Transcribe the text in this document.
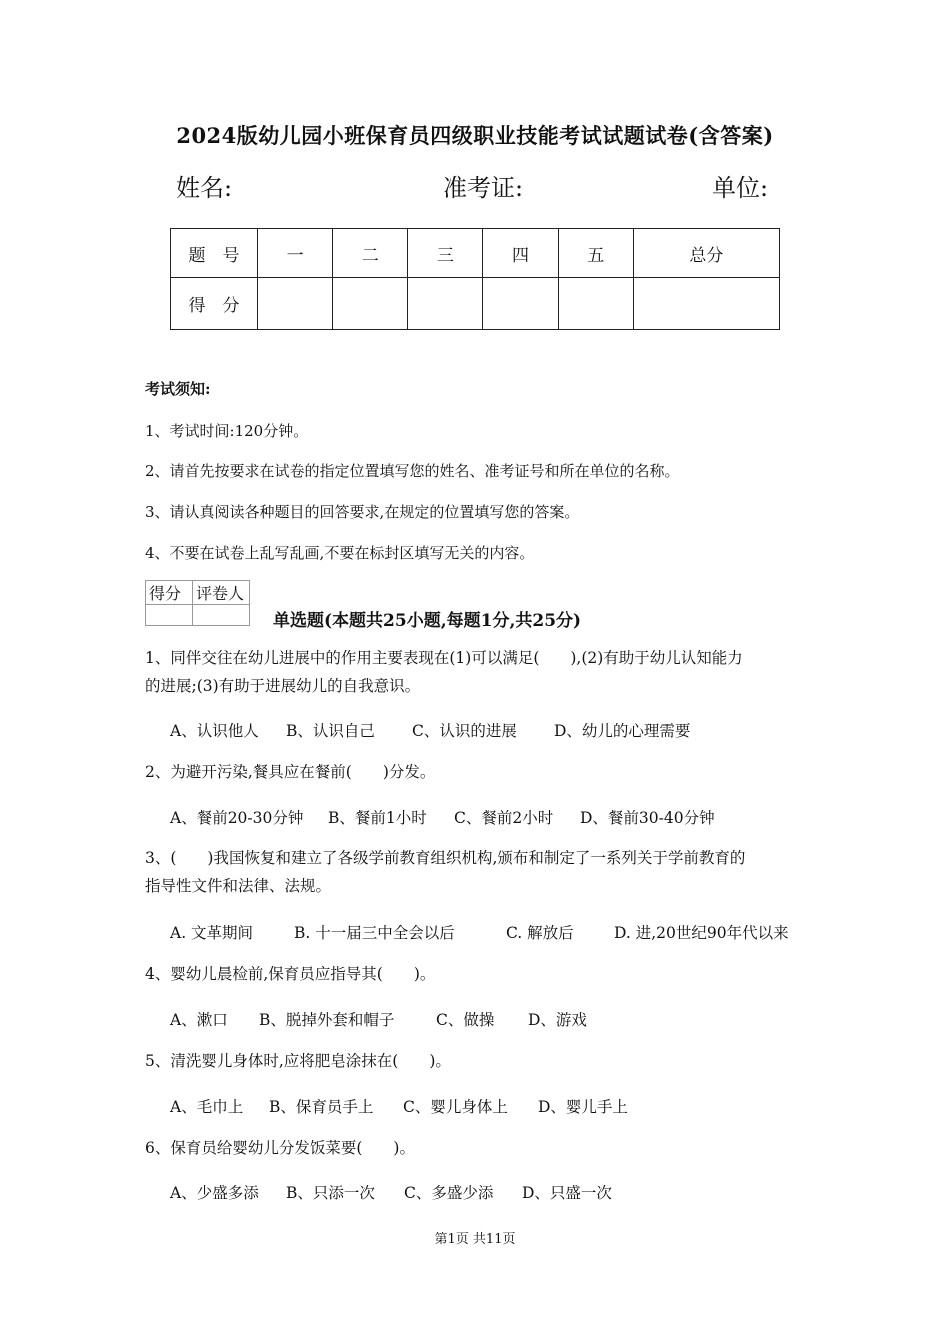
2024版幼儿园小班保育员四级职业技能考试试题试卷(含答案)
姓名:	准考证:	单位:
题　号	一	二	三	四	五	总分
得　分						
考试须知:
1、考试时间:120分钟。
2、请首先按要求在试卷的指定位置填写您的姓名、准考证号和所在单位的名称。
3、请认真阅读各种题目的回答要求,在规定的位置填写您的答案。
4、不要在试卷上乱写乱画,不要在标封区填写无关的内容。
得分	评卷人

单选题(本题共25小题,每题1分,共25分)
1、同伴交往在幼儿进展中的作用主要表现在(1)可以满足(　　),(2)有助于幼儿认知能力
的进展;(3)有助于进展幼儿的自我意识。
A、认识他人 B、认识自己 C、认识的进展 D、幼儿的心理需要
2、为避开污染,餐具应在餐前(　　)分发。
A、餐前20-30分钟 B、餐前1小时 C、餐前2小时 D、餐前30-40分钟
3、(　　)我国恢复和建立了各级学前教育组织机构,颁布和制定了一系列关于学前教育的
指导性文件和法律、法规。
A. 文革期间	B. 十一届三中全会以后	C. 解放后	D. 进,20世纪90年代以来
4、婴幼儿晨检前,保育员应指导其(　　)。
A、漱口 B、脱掉外套和帽子	C、做操 D、游戏
5、清洗婴儿身体时,应将肥皂涂抹在(　　)。
A、毛巾上 B、保育员手上 C、婴儿身体上 D、婴儿手上
6、保育员给婴幼儿分发饭菜要(　　)。
A、少盛多添 B、只添一次 C、多盛少添 D、只盛一次
第1页 共11页
